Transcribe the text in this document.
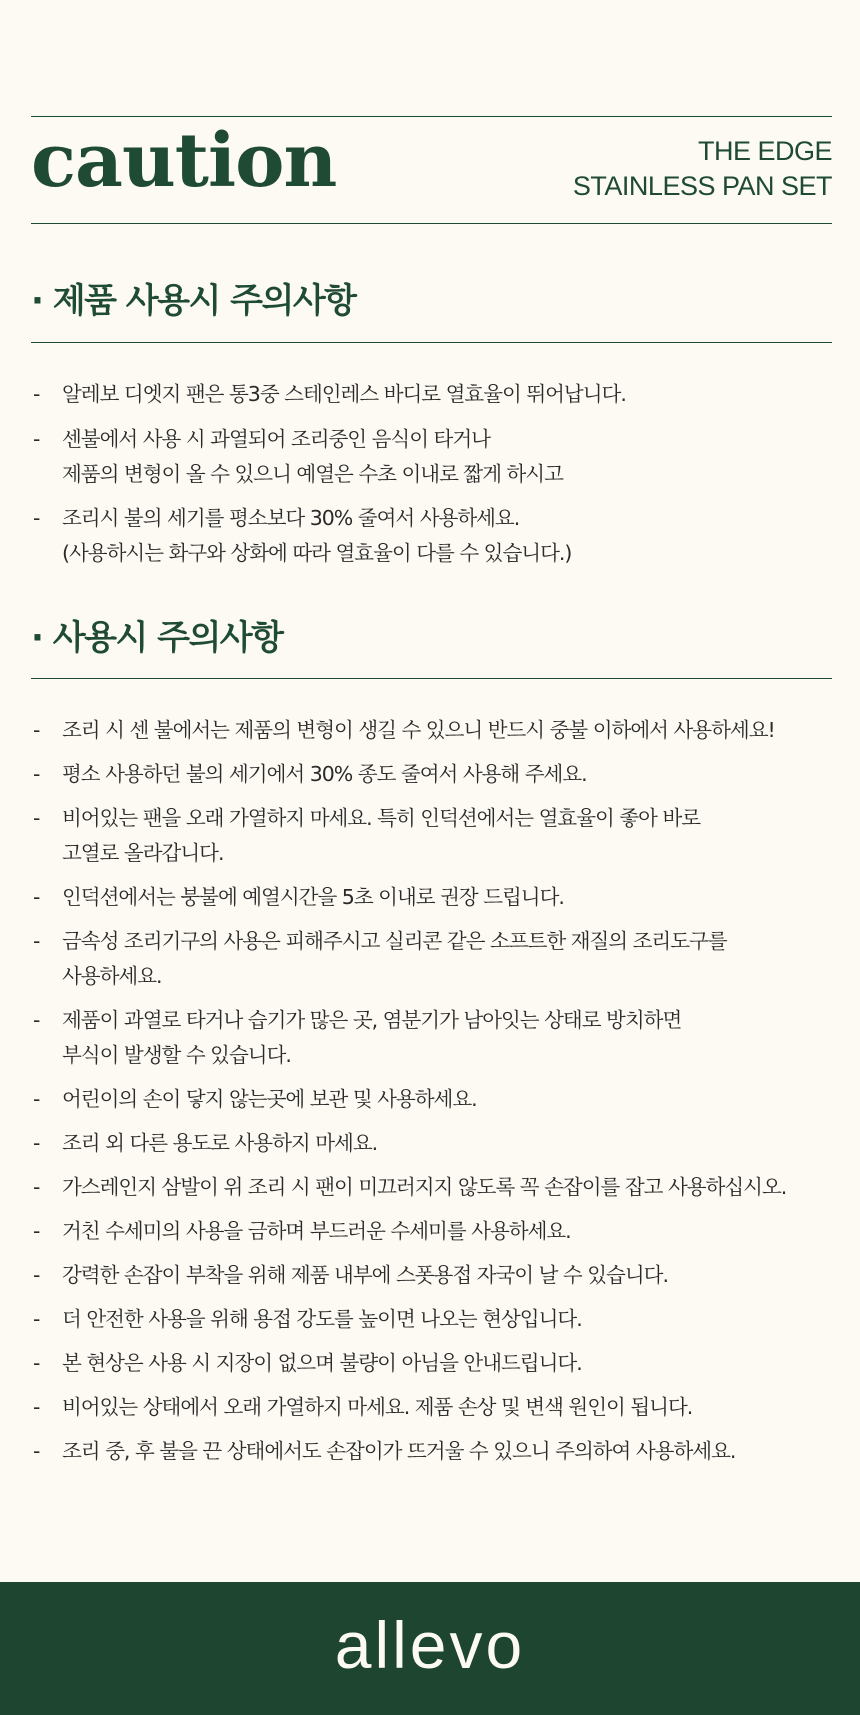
caution	THE EDGE
STAINLESS PAN SET
· 제품 사용시 주의사항
- 알레보 디엣지 팬은 통3중 스테인레스 바디로 열효율이 뛰어납니다.
- 센불에서 사용 시 과열되어 조리중인 음식이 타거나
제품의 변형이 올 수 있으니 예열은 수초 이내로 짧게 하시고
- 조리시 불의 세기를 평소보다 30% 줄여서 사용하세요.
(사용하시는 화구와 상화에 따라 열효율이 다를 수 있습니다.)
· 사용시 주의사항
- 조리 시 센 불에서는 제품의 변형이 생길 수 있으니 반드시 중불 이하에서 사용하세요!
- 평소 사용하던 불의 세기에서 30% 종도 줄여서 사용해 주세요.
- 비어있는 팬을 오래 가열하지 마세요. 특히 인덕션에서는 열효율이 좋아 바로
고열로 올라갑니다.
- 인덕션에서는 붕불에 예열시간을 5초 이내로 권장 드립니다.
- 금속성 조리기구의 사용은 피해주시고 실리콘 같은 소프트한 재질의 조리도구를
사용하세요.
- 제품이 과열로 타거나 습기가 많은 곳, 염분기가 남아잇는 상태로 방치하면
부식이 발생할 수 있습니다.
- 어린이의 손이 닿지 않는곳에 보관 및 사용하세요.
- 조리 외 다른 용도로 사용하지 마세요.
- 가스레인지 삼발이 위 조리 시 팬이 미끄러지지 않도록 꼭 손잡이를 잡고 사용하십시오.
- 거친 수세미의 사용을 금하며 부드러운 수세미를 사용하세요.
- 강력한 손잡이 부착을 위해 제품 내부에 스폿용접 자국이 날 수 있습니다.
- 더 안전한 사용을 위해 용접 강도를 높이면 나오는 현상입니다.
- 본 현상은 사용 시 지장이 없으며 불량이 아님을 안내드립니다.
- 비어있는 상태에서 오래 가열하지 마세요. 제품 손상 및 변색 원인이 됩니다.
- 조리 중, 후 불을 끈 상태에서도 손잡이가 뜨거울 수 있으니 주의하여 사용하세요.
allevo
